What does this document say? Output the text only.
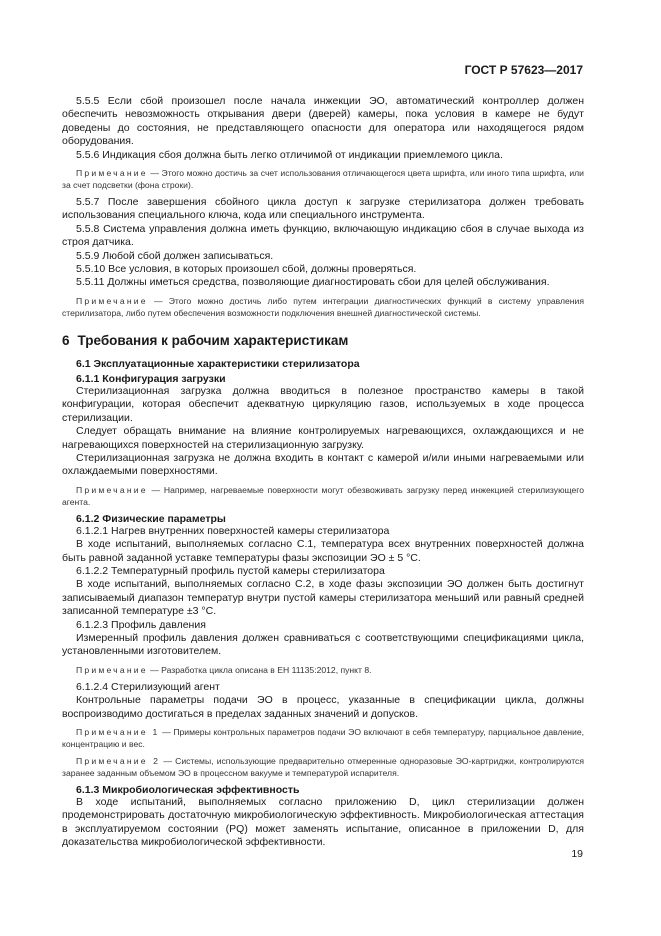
ГОСТ Р 57623—2017

5.5.5 Если сбой произошел после начала инжекции ЭО, автоматический контроллер должен обеспечить невозможность открывания двери (дверей) камеры, пока условия в камере не будут доведены до состояния, не представляющего опасности для оператора или находящегося рядом оборудования.

5.5.6 Индикация сбоя должна быть легко отличимой от индикации приемлемого цикла.

Примечание — Этого можно достичь за счет использования отличающегося цвета шрифта, или иного типа шрифта, или за счет подсветки (фона строки).

5.5.7 После завершения сбойного цикла доступ к загрузке стерилизатора должен требовать использования специального ключа, кода или специального инструмента.

5.5.8 Система управления должна иметь функцию, включающую индикацию сбоя в случае выхода из строя датчика.

5.5.9 Любой сбой должен записываться.

5.5.10 Все условия, в которых произошел сбой, должны проверяться.

5.5.11 Должны иметься средства, позволяющие диагностировать сбои для целей обслуживания.

Примечание — Этого можно достичь либо путем интеграции диагностических функций в систему управления стерилизатора, либо путем обеспечения возможности подключения внешней диагностической системы.

6 Требования к рабочим характеристикам
6.1 Эксплуатационные характеристики стерилизатора
6.1.1 Конфигурация загрузки

Стерилизационная загрузка должна вводиться в полезное пространство камеры в такой конфигурации, которая обеспечит адекватную циркуляцию газов, используемых в ходе процесса стерилизации.

Следует обращать внимание на влияние контролируемых нагревающихся, охлаждающихся и не нагревающихся поверхностей на стерилизационную загрузку.

Стерилизационная загрузка не должна входить в контакт с камерой и/или иными нагреваемыми или охлаждаемыми поверхностями.

Примечание — Например, нагреваемые поверхности могут обезвоживать загрузку перед инжекцией стерилизующего агента.

6.1.2 Физические параметры

6.1.2.1 Нагрев внутренних поверхностей камеры стерилизатора

В ходе испытаний, выполняемых согласно С.1, температура всех внутренних поверхностей должна быть равной заданной уставке температуры фазы экспозиции ЭО ± 5 °С.

6.1.2.2 Температурный профиль пустой камеры стерилизатора

В ходе испытаний, выполняемых согласно С.2, в ходе фазы экспозиции ЭО должен быть достигнут записываемый диапазон температур внутри пустой камеры стерилизатора меньший или равный средней записанной температуре ±3 °С.

6.1.2.3 Профиль давления

Измеренный профиль давления должен сравниваться с соответствующими спецификациями цикла, установленными изготовителем.

Примечание — Разработка цикла описана в ЕН 11135:2012, пункт 8.

6.1.2.4 Стерилизующий агент

Контрольные параметры подачи ЭО в процесс, указанные в спецификации цикла, должны воспроизводимо достигаться в пределах заданных значений и допусков.

Примечание 1 — Примеры контрольных параметров подачи ЭО включают в себя температуру, парциальное давление, концентрацию и вес.

Примечание 2 — Системы, использующие предварительно отмеренные одноразовые ЭО-картриджи, контролируются заранее заданным объемом ЭО в процессном вакууме и температурой испарителя.

6.1.3 Микробиологическая эффективность

В ходе испытаний, выполняемых согласно приложению D, цикл стерилизации должен продемонстрировать достаточную микробиологическую эффективность. Микробиологическая аттестация в эксплуатируемом состоянии (PQ) может заменять испытание, описанное в приложении D, для доказательства микробиологической эффективности.

19
